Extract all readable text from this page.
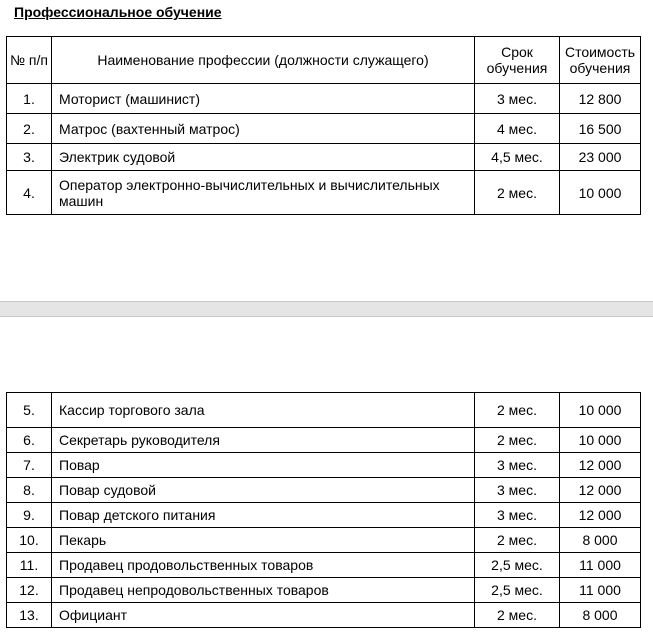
Профессиональное обучение
№ п/п	Наименование профессии (должности служащего)	Срок обучения	Стоимость обучения
1.	Моторист (машинист)	3 мес.	12 800
2.	Матрос (вахтенный матрос)	4 мес.	16 500
3.	Электрик судовой	4,5 мес.	23 000
4.	Оператор электронно-вычислительных и вычислительных машин	2 мес.	10 000
5.	Кассир торгового зала	2 мес.	10 000
6.	Секретарь руководителя	2 мес.	10 000
7.	Повар	3 мес.	12 000
8.	Повар судовой	3 мес.	12 000
9.	Повар детского питания	3 мес.	12 000
10.	Пекарь	2 мес.	8 000
11.	Продавец продовольственных товаров	2,5 мес.	11 000
12.	Продавец непродовольственных товаров	2,5 мес.	11 000
13.	Официант	2 мес.	8 000
